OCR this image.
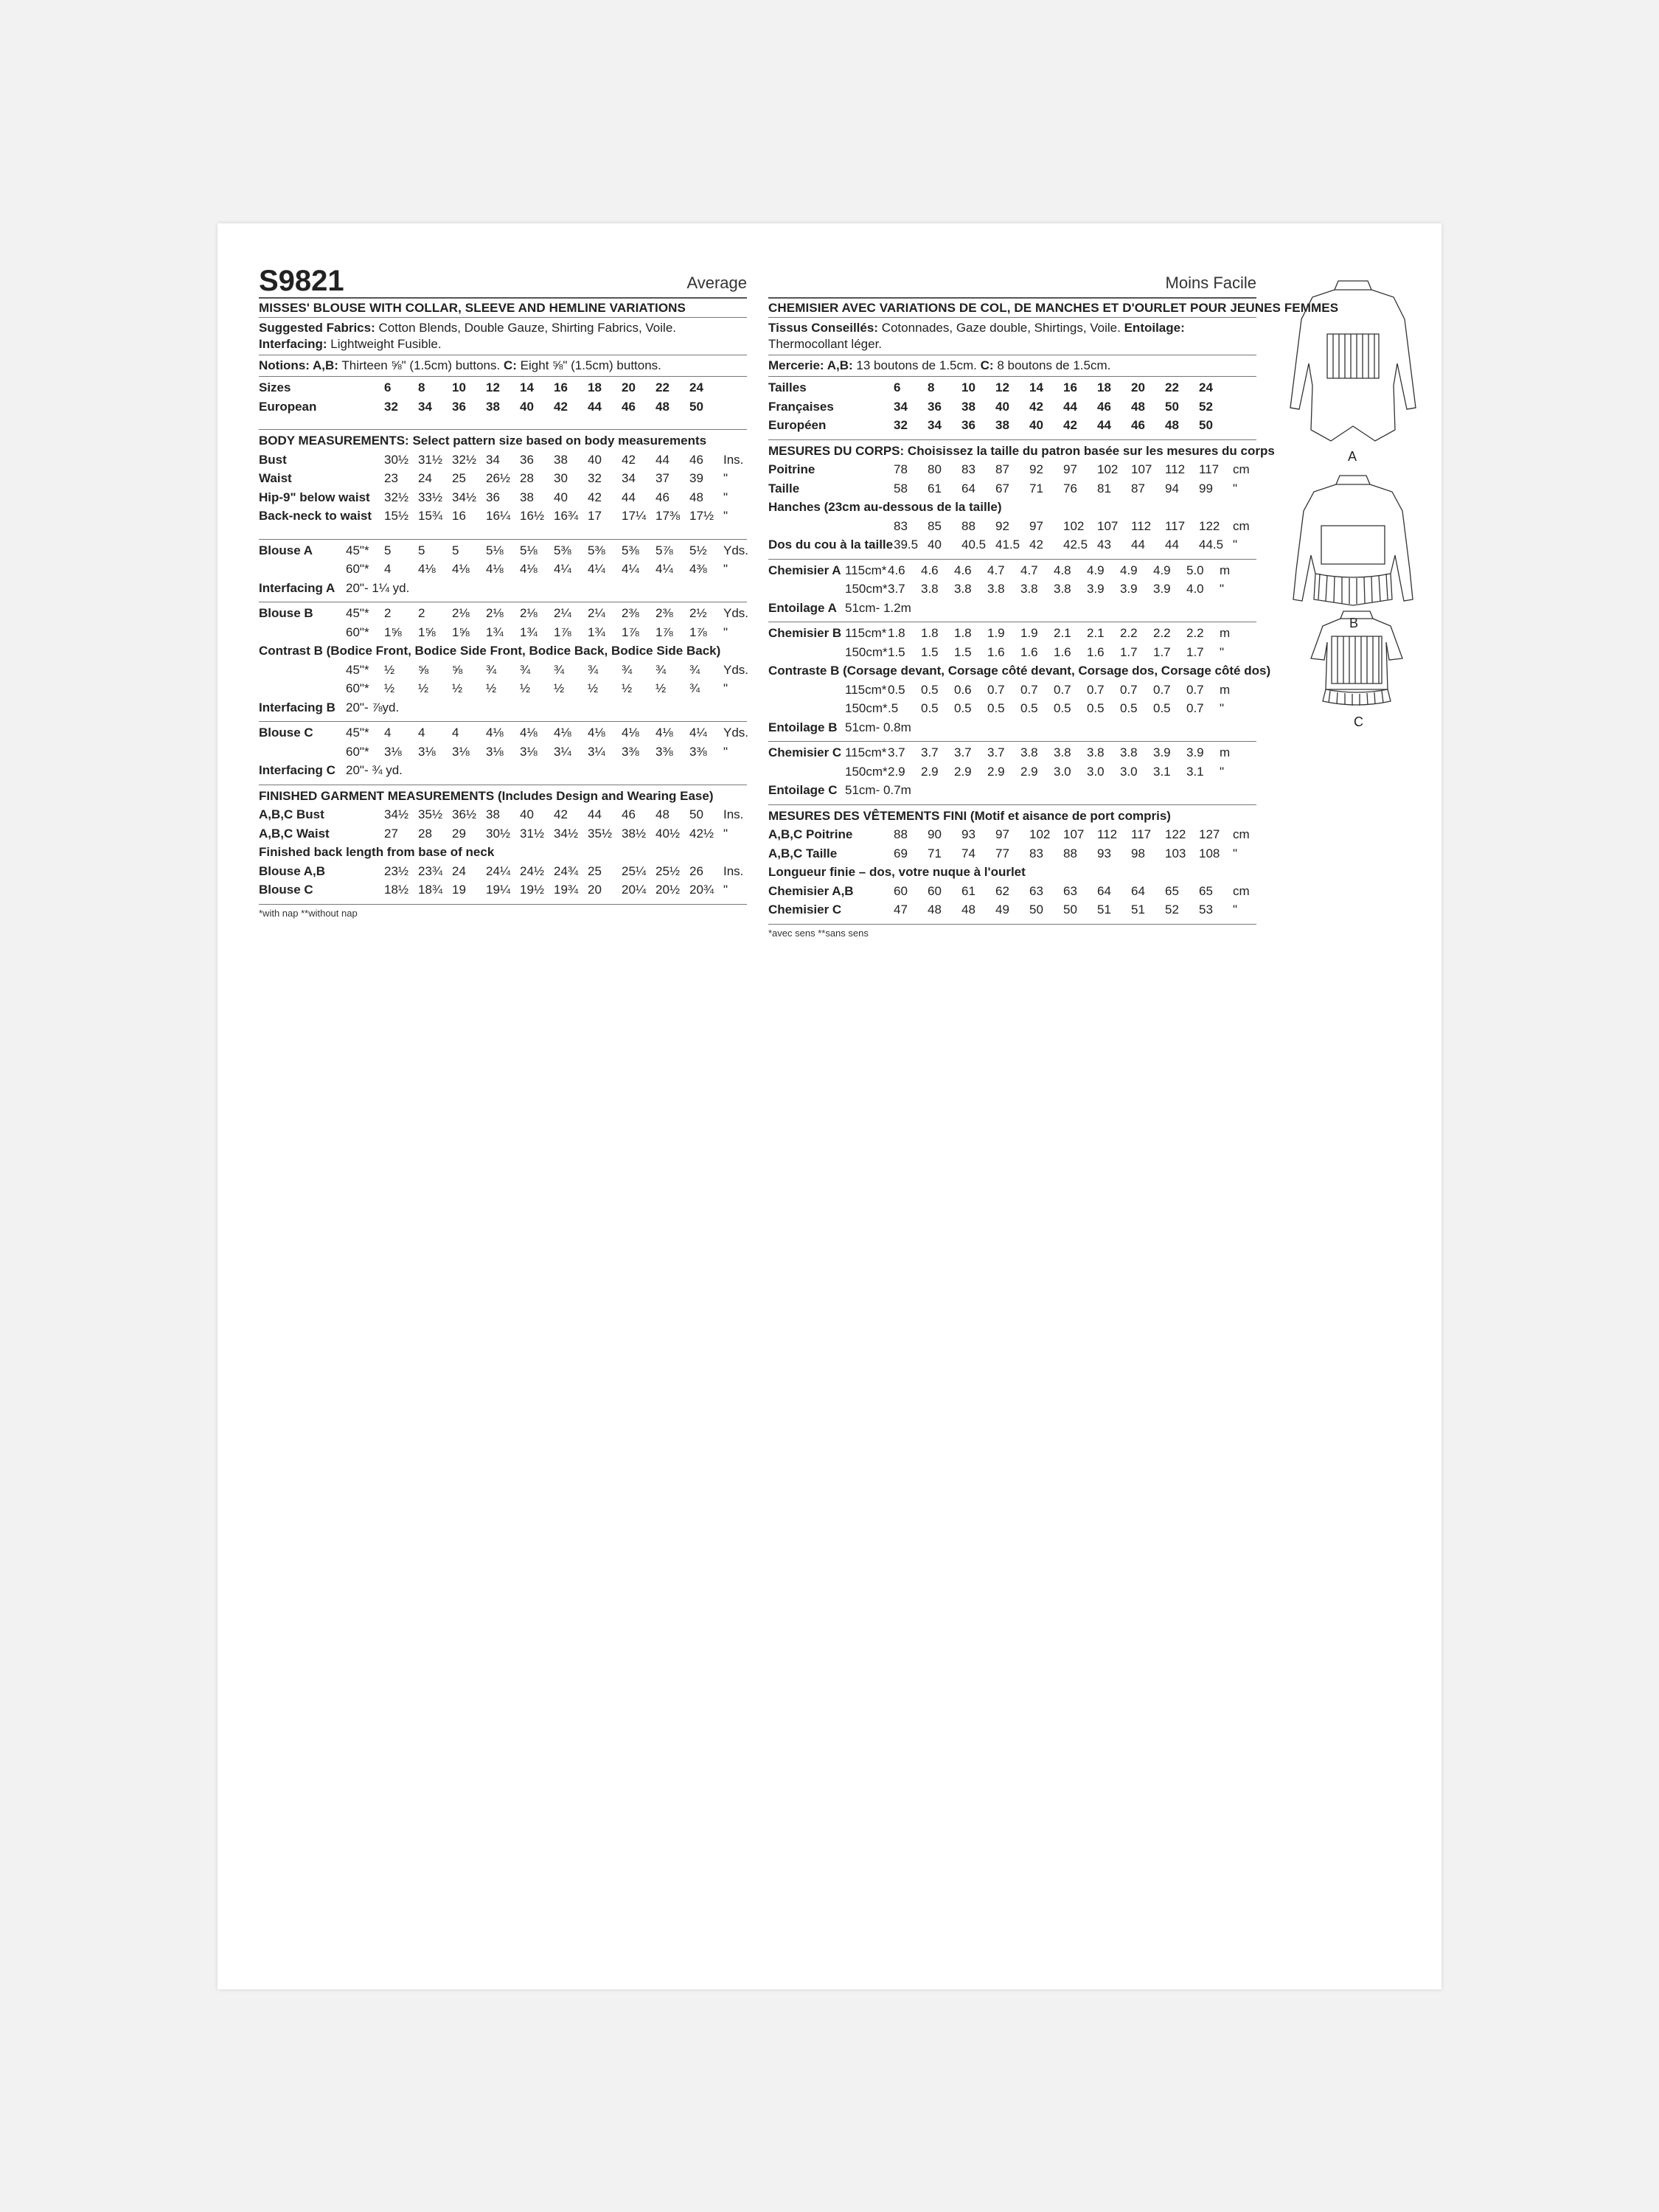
S9821	Average
MISSES' BLOUSE WITH COLLAR, SLEEVE AND HEMLINE VARIATIONS
Suggested Fabrics: Cotton Blends, Double Gauze, Shirting Fabrics, Voile. Interfacing: Lightweight Fusible.
Notions: A,B: Thirteen ⅝" (1.5cm) buttons. C: Eight ⅝" (1.5cm) buttons.
Sizes	6	8	10	12	14	16	18	20	22	24
European	32	34	36	38	40	42	44	46	48	50
BODY MEASUREMENTS: Select pattern size based on body measurements
Bust	30½ 31½ 32½ 34	36	38	40	42	44	46	Ins.
Waist	23	24	25	26½ 28	30	32	34	37	39	"
Hip-9" below waist	32½ 33½ 34½ 36	38	40	42	44	46	48	"
Back-neck to waist 15½ 15¾ 16	16¼ 16½ 16¾ 17	17¼ 17⅜ 17½ "
Blouse A	45"*	5	5	5	5⅛	5⅛	5⅜	5⅜	5⅜	5⅞	5½	Yds.
60"*	4	4⅛	4⅛	4⅛	4⅛	4¼	4¼	4¼	4¼	4⅜	"
Interfacing A 20"- 1¼ yd.
Blouse B	45"*	2	2	2⅛	2⅛	2⅛	2¼	2¼	2⅜	2⅜	2½	Yds.
60"*	1⅝	1⅝	1⅝	1¾	1¾	1⅞	1¾	1⅞	1⅞	1⅞	"
Contrast B (Bodice Front, Bodice Side Front, Bodice Back, Bodice Side Back)
45"*	½	⅝	⅝	¾	¾	¾	¾	¾	¾	¾	Yds.
60"*	½	½	½	½	½	½	½	½	½	¾	"
Interfacing B 20"- ⅞yd.
Blouse C	45"*	4	4	4	4⅛	4⅛	4⅛	4⅛	4⅛	4⅛	4¼	Yds.
60"*	3⅛	3⅛	3⅛	3⅛	3⅛	3¼	3¼	3⅜	3⅜	3⅜	"
Interfacing C 20"- ¾ yd.
FINISHED GARMENT MEASUREMENTS (Includes Design and Wearing Ease)
A,B,C Bust	34½ 35½ 36½ 38	40	42	44	46	48	50	Ins.
A,B,C Waist	27	28	29	30½ 31½ 34½ 35½ 38½ 40½ 42½ "
Finished back length from base of neck
Blouse A,B	23½ 23¾ 24	24¼ 24½ 24¾ 25	25¼ 25½ 26	Ins.
Blouse C	18½ 18¾ 19	19¼ 19½ 19¾ 20	20¼ 20½ 20¾ "
*with nap **without nap
Moins Facile
CHEMISIER AVEC VARIATIONS DE COL, DE MANCHES ET D'OURLET POUR JEUNES FEMMES
Tissus Conseillés: Cotonnades, Gaze double, Shirtings, Voile. Entoilage: Thermocollant léger.
Mercerie: A,B: 13 boutons de 1.5cm. C: 8 boutons de 1.5cm.
Tailles	6	8	10	12	14	16	18	20	22	24
Françaises	34	36	38	40	42	44	46	48	50	52
Européen	32	34	36	38	40	42	44	46	48	50
MESURES DU CORPS: Choisissez la taille du patron basée sur les mesures du corps
Poitrine	78	80	83	87	92	97	102	107	112	117	cm
Taille	58	61	64	67	71	76	81	87	94	99	"
Hanches (23cm au-dessous de la taille)
83	85	88	92	97	102	107	112	117	122	cm
Dos du cou à la taille 39.5 40	40.5 41.5 42	42.5 43	44	44	44.5 "
Chemisier A 115cm* 4.6	4.6	4.6	4.7	4.7	4.8	4.9	4.9	4.9	5.0	m
150cm* 3.7	3.8	3.8	3.8	3.8	3.8	3.9	3.9	3.9	4.0	"
Entoilage A 51cm- 1.2m
Chemisier B 115cm* 1.8	1.8	1.8	1.9	1.9	2.1	2.1	2.2	2.2	2.2	m
150cm* 1.5	1.5	1.5	1.6	1.6	1.6	1.6	1.7	1.7	1.7	"
Contraste B (Corsage devant, Corsage côté devant, Corsage dos, Corsage côté dos)
115cm* 0.5	0.5	0.6	0.7	0.7	0.7	0.7	0.7	0.7	0.7	m
150cm* .5	0.5	0.5	0.5	0.5	0.5	0.5	0.5	0.5	0.7	"
Entoilage B 51cm- 0.8m
Chemisier C 115cm* 3.7	3.7	3.7	3.7	3.8	3.8	3.8	3.8	3.9	3.9	m
150cm* 2.9	2.9	2.9	2.9	2.9	3.0	3.0	3.0	3.1	3.1	"
Entoilage C 51cm- 0.7m
MESURES DES VÊTEMENTS FINI (Motif et aisance de port compris)
A,B,C Poitrine	88	90	93	97	102	107	112	117	122	127	cm
A,B,C Taille	69	71	74	77	83	88	93	98	103	108	"
Longueur finie – dos, votre nuque à l'ourlet
Chemisier A,B	60	60	61	62	63	63	64	64	65	65	cm
Chemisier C	47	48	48	49	50	50	51	51	52	53	"
*avec sens **sans sens
A
B
C
